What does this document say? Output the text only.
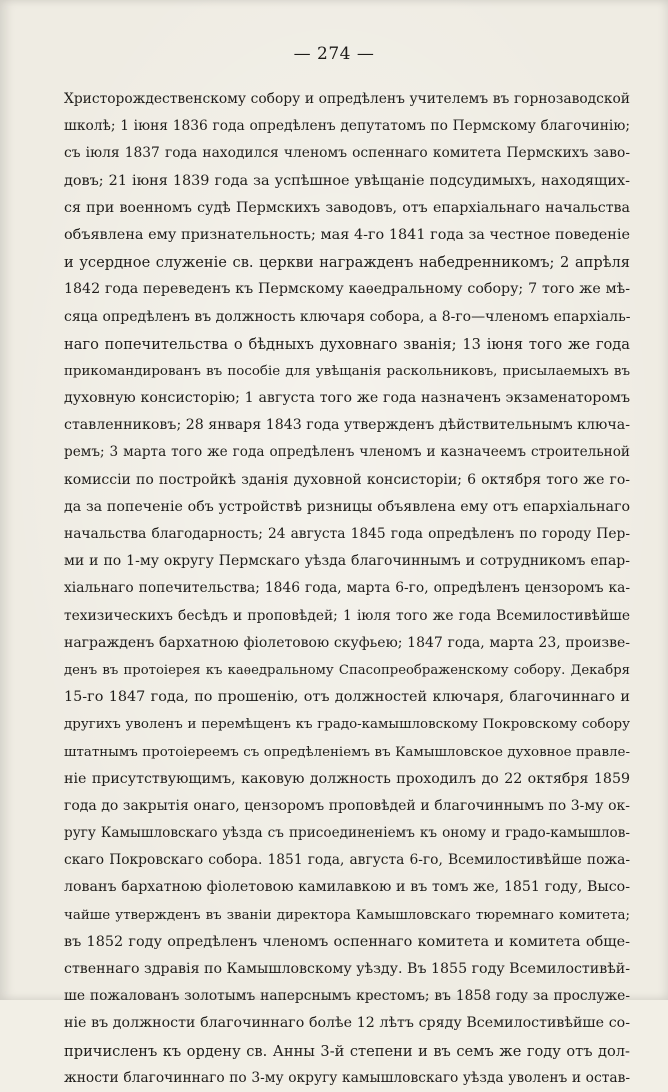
— 274 —
Христорождественскому собору и опредѣленъ учителемъ въ горнозаводской
школѣ; 1 іюня 1836 года опредѣленъ депутатомъ по Пермскому благочинію;
съ іюля 1837 года находился членомъ оспеннаго комитета Пермскихъ заво-
довъ; 21 іюня 1839 года за успѣшное увѣщаніе подсудимыхъ, находящих-
ся при военномъ судѣ Пермскихъ заводовъ, отъ епархіальнаго начальства
объявлена ему признательность; мая 4-го 1841 года за честное поведеніе
и усердное служеніе св. церкви награжденъ набедренникомъ; 2 апрѣля
1842 года переведенъ къ Пермскому каѳедральному собору; 7 того же мѣ-
сяца опредѣленъ въ должность ключаря собора, а 8-го—членомъ епархіаль-
наго попечительства о бѣдныхъ духовнаго званія; 13 іюня того же года
прикомандированъ въ пособіе для увѣщанія раскольниковъ, присылаемыхъ въ
духовную консисторію; 1 августа того же года назначенъ экзаменаторомъ
ставленниковъ; 28 января 1843 года утвержденъ дѣйствительнымъ ключа-
ремъ; 3 марта того же года опредѣленъ членомъ и казначеемъ строительной
комиссіи по постройкѣ зданія духовной консисторіи; 6 октября того же го-
да за попеченіе объ устройствѣ ризницы объявлена ему отъ епархіальнаго
начальства благодарность; 24 августа 1845 года опредѣленъ по городу Пер-
ми и по 1-му округу Пермскаго уѣзда благочиннымъ и сотрудникомъ епар-
хіальнаго попечительства; 1846 года, марта 6-го, опредѣленъ цензоромъ ка-
техизическихъ бесѣдъ и проповѣдей; 1 іюля того же года Всемилостивѣйше
награжденъ бархатною фіолетовою скуфьею; 1847 года, марта 23, произве-
денъ въ протоіерея къ каѳедральному Спасопреображенскому собору. Декабря
15-го 1847 года, по прошенію, отъ должностей ключаря, благочиннаго и
другихъ уволенъ и перемѣщенъ къ градо-камышловскому Покровскому собору
штатнымъ протоіереемъ съ опредѣленіемъ въ Камышловское духовное правле-
ніе присутствующимъ, каковую должность проходилъ до 22 октября 1859
года до закрытія онаго, цензоромъ проповѣдей и благочиннымъ по 3-му ок-
ругу Камышловскаго уѣзда съ присоединеніемъ къ оному и градо-камышлов-
скаго Покровскаго собора. 1851 года, августа 6-го, Всемилостивѣйше пожа-
лованъ бархатною фіолетовою камилавкою и въ томъ же, 1851 году, Высо-
чайше утвержденъ въ званіи директора Камышловскаго тюремнаго комитета;
въ 1852 году опредѣленъ членомъ оспеннаго комитета и комитета обще-
ственнаго здравія по Камышловскому уѣзду. Въ 1855 году Всемилостивѣй-
ше пожалованъ золотымъ наперснымъ крестомъ; въ 1858 году за прослуже-
ніе въ должности благочиннаго болѣе 12 лѣтъ сряду Всемилостивѣйше со-
причисленъ къ ордену св. Анны 3-й степени и въ семъ же году отъ дол-
жности благочиннаго по 3-му округу камышловскаго уѣзда уволенъ и остав-
